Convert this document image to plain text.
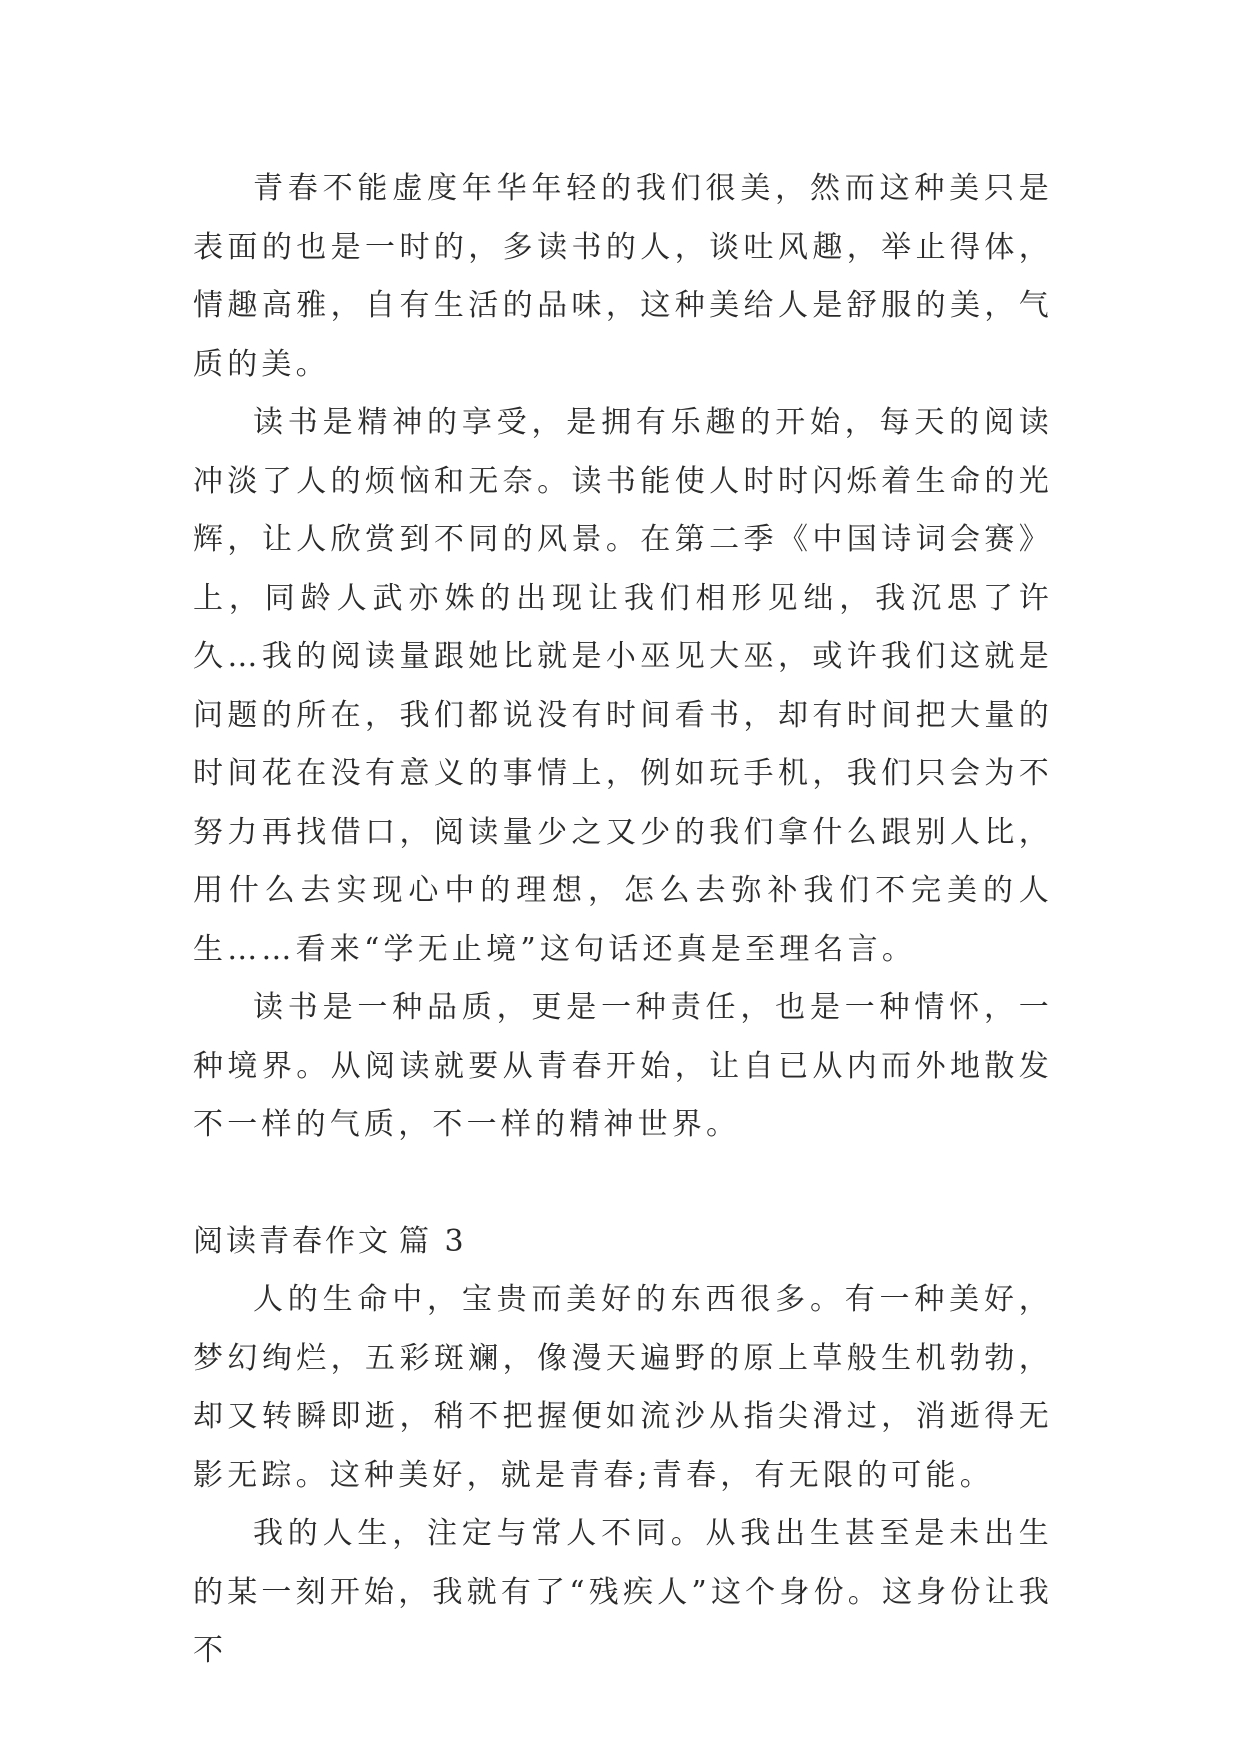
青春不能虚度年华年轻的我们很美，然而这种美只是表面的也是一时的，多读书的人，谈吐风趣，举止得体，情趣高雅，自有生活的品味，这种美给人是舒服的美，气质的美。

读书是精神的享受，是拥有乐趣的开始，每天的阅读冲淡了人的烦恼和无奈。读书能使人时时闪烁着生命的光辉，让人欣赏到不同的风景。在第二季《中国诗词会赛》上，同龄人武亦姝的出现让我们相形见绌，我沉思了许久…我的阅读量跟她比就是小巫见大巫，或许我们这就是问题的所在，我们都说没有时间看书，却有时间把大量的时间花在没有意义的事情上，例如玩手机，我们只会为不努力再找借口，阅读量少之又少的我们拿什么跟别人比，用什么去实现心中的理想，怎么去弥补我们不完美的人生……看来“学无止境”这句话还真是至理名言。

读书是一种品质，更是一种责任，也是一种情怀，一种境界。从阅读就要从青春开始，让自已从内而外地散发不一样的气质，不一样的精神世界。

阅读青春作文 篇 3

人的生命中，宝贵而美好的东西很多。有一种美好，梦幻绚烂，五彩斑斓，像漫天遍野的原上草般生机勃勃，却又转瞬即逝，稍不把握便如流沙从指尖滑过，消逝得无影无踪。这种美好，就是青春;青春，有无限的可能。

我的人生，注定与常人不同。从我出生甚至是未出生的某一刻开始，我就有了“残疾人”这个身份。这身份让我不
